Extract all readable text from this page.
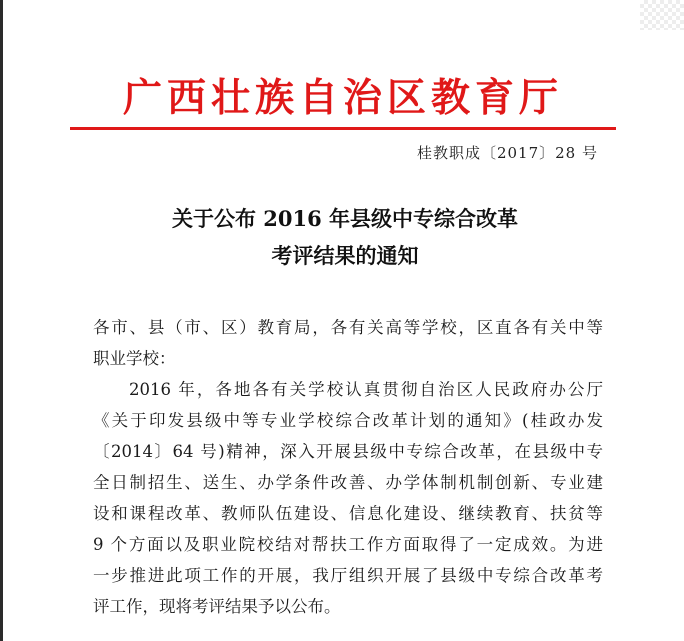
广西壮族自治区教育厅
桂教职成〔2017〕28 号
关于公布 2016 年县级中专综合改革
考评结果的通知
各市、县（市、区）教育局，各有关高等学校，区直各有关中等
职业学校：
2016 年，各地各有关学校认真贯彻自治区人民政府办公厅
《关于印发县级中等专业学校综合改革计划的通知》(桂政办发
〔2014〕64 号)精神，深入开展县级中专综合改革，在县级中专
全日制招生、送生、办学条件改善、办学体制机制创新、专业建
设和课程改革、教师队伍建设、信息化建设、继续教育、扶贫等
9 个方面以及职业院校结对帮扶工作方面取得了一定成效。为进
一步推进此项工作的开展，我厅组织开展了县级中专综合改革考
评工作，现将考评结果予以公布。
